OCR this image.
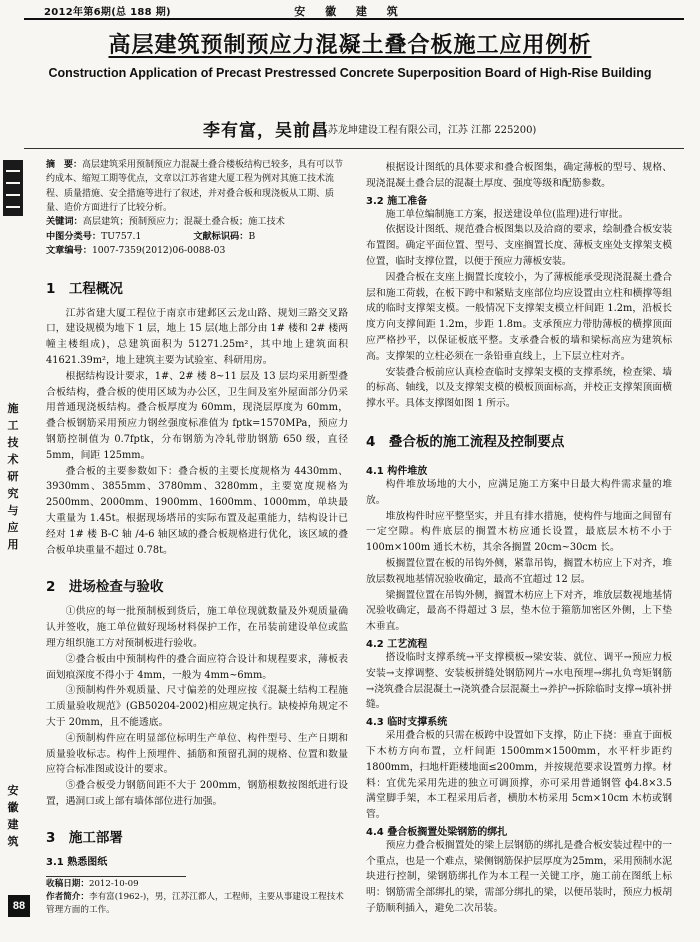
2012年第6期(总 188 期)	安 徽 建 筑
高层建筑预制预应力混凝土叠合板施工应用例析
Construction Application of Precast Prestressed Concrete Superposition Board of High-Rise Building
李有富，吴前昌
(江苏龙坤建设工程有限公司，江苏 江都 225200)
施工技术研究与应用
安徽建筑
88
摘　要：高层建筑采用预制预应力混凝土叠合楼板结构已较多，具有可以节约成本、缩短工期等优点，文章以江苏省建大厦工程为例对其施工技术流程、质量措施、安全措施等进行了叙述，并对叠合板和现浇板从工期、质量、造价方面进行了比较分析。
关键词：高层建筑；预制预应力；混凝土叠合板；施工技术
中图分类号：TU757.1	文献标识码：B
文章编号：1007-7359(2012)06-0088-03
1　工程概况

江苏省建大厦工程位于南京市建邺区云龙山路、规划三路交叉路口，建设规模为地下 1 层，地上 15 层(地上部分由 1# 楼和 2# 楼两幢主楼组成)，总建筑面积为 51271.25m²，其中地上建筑面积 41621.39m²，地上建筑主要为试验室、科研用房。

根据结构设计要求，1#、2# 楼 8~11 层及 13 层均采用新型叠合板结构，叠合板的使用区域为办公区，卫生间及室外屋面部分仍采用普通现浇板结构。叠合板厚度为 60mm，现浇层厚度为 60mm，叠合板钢筋采用预应力钢丝强度标准值为 fptk=1570MPa，预应力钢筋控制值为 0.7fptk，分布钢筋为冷轧带肋钢筋 650 级，直径 5mm，间距 125mm。

叠合板的主要参数如下：叠合板的主要长度规格为 4430mm、3930mm、3855mm、3780mm、3280mm，主要宽度规格为 2500mm、2000mm、1900mm、1600mm、1000mm，单块最大重量为 1.45t。根据现场塔吊的实际布置及起重能力，结构设计已经对 1# 楼 B-C 轴 /4-6 轴区域的叠合板规格进行优化，该区域的叠合板单块重量不超过 0.78t。

2　进场检查与验收

①供应的每一批预制板到货后，施工单位现就数量及外观质量确认并签收，施工单位做好现场材料保护工作，在吊装前建设单位或监理方组织施工方对预制板进行验收。

②叠合板由中预制构件的叠合面应符合设计和规程要求，薄板表面划痕深度不得小于 4mm，一般为 4mm~6mm。

③预制构件外观质量、尺寸偏差的处理应按《混凝土结构工程施工质量验收规范》(GB50204-2002)相应规定执行。缺棱掉角规定不大于 20mm，且不能透底。

④预制构件应在明显部位标明生产单位、构件型号、生产日期和质量验收标志。构件上预埋件、插筋和预留孔洞的规格、位置和数量应符合标准图或设计的要求。

⑤叠合板受力钢筋间距不大于 200mm，钢筋根数按图纸进行设置，遇洞口或上部有墙体部位进行加强。

3　施工部署
3.1 熟悉图纸
收稿日期：2012-10-09
作者简介：李有富(1962-)，男，江苏江都人，工程师，主要从事建设工程技术管理方面的工作。

根据设计图纸的具体要求和叠合板图集，确定薄板的型号、规格、现浇混凝土叠合层的混凝土厚度、强度等级和配筋参数。

3.2 施工准备

施工单位编制施工方案，报送建设单位(监理)进行审批。

依据设计图纸、规范叠合板图集以及洽商的要求，绘制叠合板安装布置图。确定平面位置、型号、支座搁置长度、薄板支座处支撑架支模位置，临时支撑位置，以便于预应力薄板安装。

因叠合板在支座上搁置长度较小，为了薄板能承受现浇混凝土叠合层和施工荷载，在板下跨中和紧贴支座部位均应设置由立柱和横撑等组成的临时支撑架支模。一般情况下支撑架支模立杆间距 1.2m，沿板长度方向支撑间距 1.2m，步距 1.8m。支承预应力带肋薄板的横撑顶面应严格抄平，以保证板底平整。支承叠合板的墙和梁标高应为建筑标高。支撑架的立柱必须在一条铅垂直线上，上下层立柱对齐。

安装叠合板前应认真检查临时支撑架支模的支撑系统，检查梁、墙的标高、轴线，以及支撑架支模的模板顶面标高，并校正支撑架顶面横撑水平。具体支撑图如图 1 所示。

4　叠合板的施工流程及控制要点
4.1 构件堆放

构件堆放场地的大小，应满足施工方案中日最大构件需求量的堆放。

堆放构件时应平整坚实，并且有排水措施，使构件与地面之间留有一定空隙。构件底层的搁置木枋应通长设置，最底层木枋不小于 100m×100m 通长木枋，其余各搁置 20cm~30cm 长。

板搁置位置在板的吊钩外侧，紧靠吊钩，搁置木枋应上下对齐，堆放层数视地基情况验收确定，最高不宜超过 12 层。

梁搁置位置在吊钩外侧，搁置木枋应上下对齐，堆放层数视地基情况验收确定，最高不得超过 3 层，垫木位于箍筋加密区外侧，上下垫木垂直。

4.2 工艺流程

搭设临时支撑系统→平支撑模板→梁安装、就位、调平→预应力板安装→支撑调整、安装板拼缝处钢筋网片→水电预埋→绑扎负弯矩钢筋→浇筑叠合层混凝土→浇筑叠合层混凝土→养护→拆除临时支撑→填补拼缝。

4.3 临时支撑系统

采用叠合板的只需在板跨中设置如下支撑，防止下挠：垂直于面板下木枋方向布置，立杆间距 1500mm×1500mm，水平杆步距约 1800mm，扫地杆距楼地面≤200mm，并按规范要求设置剪力撑。材料：宜优先采用先进的独立可调顶撑，亦可采用普通钢管 ф4.8×3.5 满堂脚手架，本工程采用后者，横肋木枋采用 5cm×10cm 木枋或钢管。

4.4 叠合板搁置处梁钢筋的绑扎

预应力叠合板搁置处的梁上层钢筋的绑扎是叠合板安装过程中的一个重点，也是一个难点，梁侧钢筋保护层厚度为25mm，采用预制水泥块进行控制，梁钢筋绑扎作为本工程一关键工序，施工前在图纸上标明：钢筋需全部绑扎的梁，需部分绑扎的梁，以便吊装时，预应力板胡子筋顺利插入，避免二次吊装。
